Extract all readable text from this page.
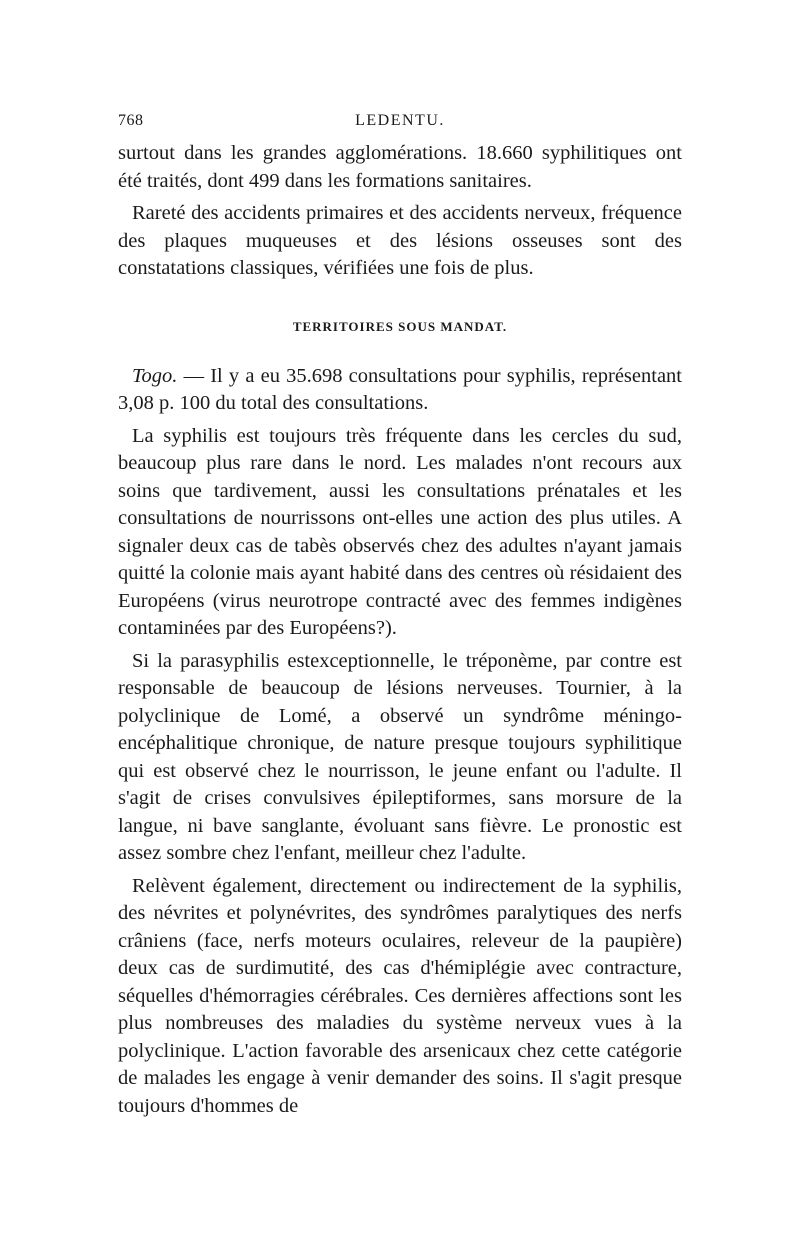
768	LEDENTU.

surtout dans les grandes agglomérations. 18.660 syphilitiques ont été traités, dont 499 dans les formations sanitaires.

Rareté des accidents primaires et des accidents nerveux, fréquence des plaques muqueuses et des lésions osseuses sont des constatations classiques, vérifiées une fois de plus.

TERRITOIRES SOUS MANDAT.

Togo. — Il y a eu 35.698 consultations pour syphilis, représentant 3,08 p. 100 du total des consultations.

La syphilis est toujours très fréquente dans les cercles du sud, beaucoup plus rare dans le nord. Les malades n'ont recours aux soins que tardivement, aussi les consultations prénatales et les consultations de nourrissons ont-elles une action des plus utiles. A signaler deux cas de tabès observés chez des adultes n'ayant jamais quitté la colonie mais ayant habité dans des centres où résidaient des Européens (virus neurotrope contracté avec des femmes indigènes contaminées par des Européens?).

Si la parasyphilis estexceptionnelle, le tréponème, par contre est responsable de beaucoup de lésions nerveuses. Tournier, à la polyclinique de Lomé, a observé un syndrôme méningo-encéphalitique chronique, de nature presque toujours syphilitique qui est observé chez le nourrisson, le jeune enfant ou l'adulte. Il s'agit de crises convulsives épileptiformes, sans morsure de la langue, ni bave sanglante, évoluant sans fièvre. Le pronostic est assez sombre chez l'enfant, meilleur chez l'adulte.

Relèvent également, directement ou indirectement de la syphilis, des névrites et polynévrites, des syndrômes paralytiques des nerfs crâniens (face, nerfs moteurs oculaires, releveur de la paupière) deux cas de surdimutité, des cas d'hémiplégie avec contracture, séquelles d'hémorragies cérébrales. Ces dernières affections sont les plus nombreuses des maladies du système nerveux vues à la polyclinique. L'action favorable des arsenicaux chez cette catégorie de malades les engage à venir demander des soins. Il s'agit presque toujours d'hommes de
